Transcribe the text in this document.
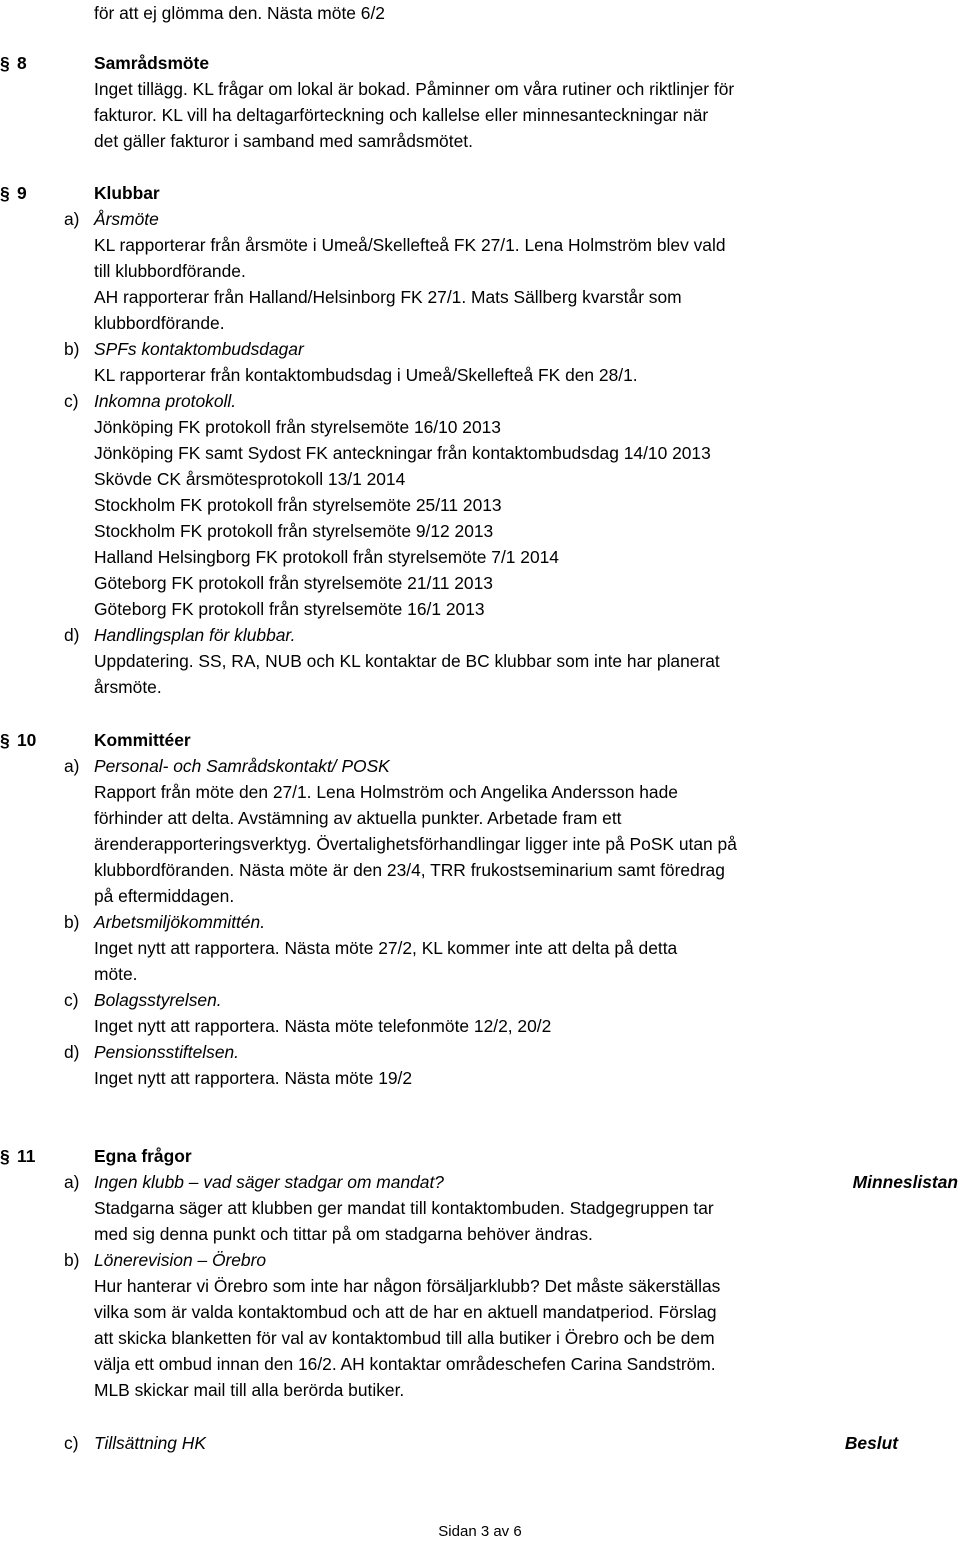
för att ej glömma den. Nästa möte 6/2
§ 8	Samrådsmöte
Inget tillägg. KL frågar om lokal är bokad. Påminner om våra rutiner och riktlinjer för
fakturor. KL vill ha deltagarförteckning och kallelse eller minnesanteckningar när
det gäller fakturor i samband med samrådsmötet.
§ 9	Klubbar
a) Årsmöte
KL rapporterar från årsmöte i Umeå/Skellefteå FK 27/1. Lena Holmström blev vald
till klubbordförande.
AH rapporterar från Halland/Helsinborg FK 27/1. Mats Sällberg kvarstår som
klubbordförande.
b) SPFs kontaktombudsdagar
KL rapporterar från kontaktombudsdag i Umeå/Skellefteå FK den 28/1.
c) Inkomna protokoll.
Jönköping FK protokoll från styrelsemöte 16/10 2013
Jönköping FK samt Sydost FK anteckningar från kontaktombudsdag 14/10 2013
Skövde CK årsmötesprotokoll 13/1 2014
Stockholm FK protokoll från styrelsemöte 25/11 2013
Stockholm FK protokoll från styrelsemöte 9/12 2013
Halland Helsingborg FK protokoll från styrelsemöte 7/1 2014
Göteborg FK protokoll från styrelsemöte 21/11 2013
Göteborg FK protokoll från styrelsemöte 16/1 2013
d) Handlingsplan för klubbar.
Uppdatering. SS, RA, NUB och KL kontaktar de BC klubbar som inte har planerat
årsmöte.
§ 10	Kommittéer
a) Personal- och Samrådskontakt/ POSK
Rapport från möte den 27/1. Lena Holmström och Angelika Andersson hade
förhinder att delta. Avstämning av aktuella punkter. Arbetade fram ett
ärenderapporteringsverktyg. Övertalighetsförhandlingar ligger inte på PoSK utan på
klubbordföranden. Nästa möte är den 23/4, TRR frukostseminarium samt föredrag
på eftermiddagen.
b) Arbetsmiljökommittén.
Inget nytt att rapportera. Nästa möte 27/2, KL kommer inte att delta på detta
möte.
c) Bolagsstyrelsen.
Inget nytt att rapportera. Nästa möte telefonmöte 12/2, 20/2
d) Pensionsstiftelsen.
Inget nytt att rapportera. Nästa möte 19/2
§ 11	Egna frågor
a) Ingen klubb – vad säger stadgar om mandat?	Minneslistan
Stadgarna säger att klubben ger mandat till kontaktombuden. Stadgegruppen tar
med sig denna punkt och tittar på om stadgarna behöver ändras.
b) Lönerevision – Örebro
Hur hanterar vi Örebro som inte har någon försäljarklubb? Det måste säkerställas
vilka som är valda kontaktombud och att de har en aktuell mandatperiod. Förslag
att skicka blanketten för val av kontaktombud till alla butiker i Örebro och be dem
välja ett ombud innan den 16/2. AH kontaktar områdeschefen Carina Sandström.
MLB skickar mail till alla berörda butiker.
c) Tillsättning HK	Beslut
Sidan 3 av 6
